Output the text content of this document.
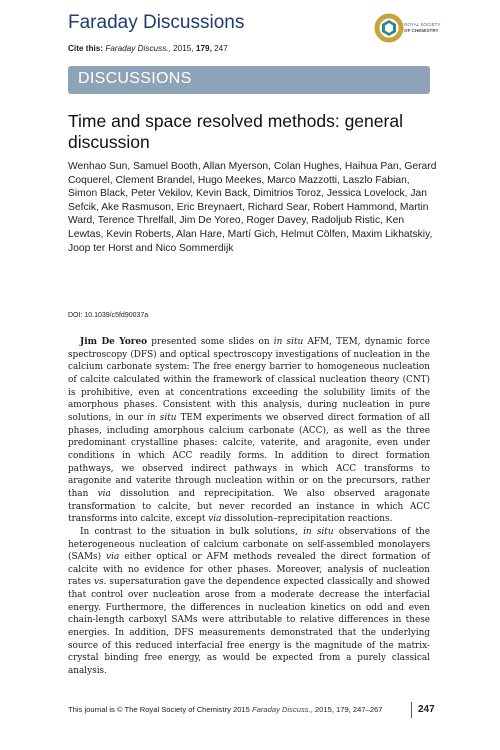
Faraday Discussions
Cite this: Faraday Discuss., 2015, 179, 247
ROYAL SOCIETY
OF CHEMISTRY
DISCUSSIONS
Time and space resolved methods: general discussion
Wenhao Sun, Samuel Booth, Allan Myerson, Colan Hughes, Haihua Pan, Gerard Coquerel, Clement Brandel, Hugo Meekes, Marco Mazzotti, Laszlo Fabian, Simon Black, Peter Vekilov, Kevin Back, Dimitrios Toroz, Jessica Lovelock, Jan Sefcik, Ake Rasmuson, Eric Breynaert, Richard Sear, Robert Hammond, Martin Ward, Terence Threlfall, Jim De Yoreo, Roger Davey, Radoljub Ristic, Ken Lewtas, Kevin Roberts, Alan Hare, Martí Gich, Helmut Cölfen, Maxim Likhatskiy, Joop ter Horst and Nico Sommerdijk
DOI: 10.1039/c5fd90037a

Jim De Yoreo presented some slides on in situ AFM, TEM, dynamic force spectroscopy (DFS) and optical spectroscopy investigations of nucleation in the calcium carbonate system: The free energy barrier to homogeneous nucleation of calcite calculated within the framework of classical nucleation theory (CNT) is prohibitive, even at concentrations exceeding the solubility limits of the amorphous phases. Consistent with this analysis, during nucleation in pure solutions, in our in situ TEM experiments we observed direct formation of all phases, including amorphous calcium carbonate (ACC), as well as the three predominant crystalline phases: calcite, vaterite, and aragonite, even under conditions in which ACC readily forms. In addition to direct formation pathways, we observed indirect pathways in which ACC transforms to aragonite and vaterite through nucleation within or on the precursors, rather than via dissolution and reprecipitation. We also observed aragonate transformation to calcite, but never recorded an instance in which ACC transforms into calcite, except via dissolution–reprecipitation reactions.

In contrast to the situation in bulk solutions, in situ observations of the heterogeneous nucleation of calcium carbonate on self-assembled monolayers (SAMs) via either optical or AFM methods revealed the direct formation of calcite with no evidence for other phases. Moreover, analysis of nucleation rates vs. supersaturation gave the dependence expected classically and showed that control over nucleation arose from a moderate decrease the interfacial energy. Furthermore, the differences in nucleation kinetics on odd and even chain-length carboxyl SAMs were attributable to relative differences in these energies. In addition, DFS measurements demonstrated that the underlying source of this reduced interfacial free energy is the magnitude of the matrix-crystal binding free energy, as would be expected from a purely classical analysis.

This journal is © The Royal Society of Chemistry 2015 Faraday Discuss., 2015, 179, 247–267	247
